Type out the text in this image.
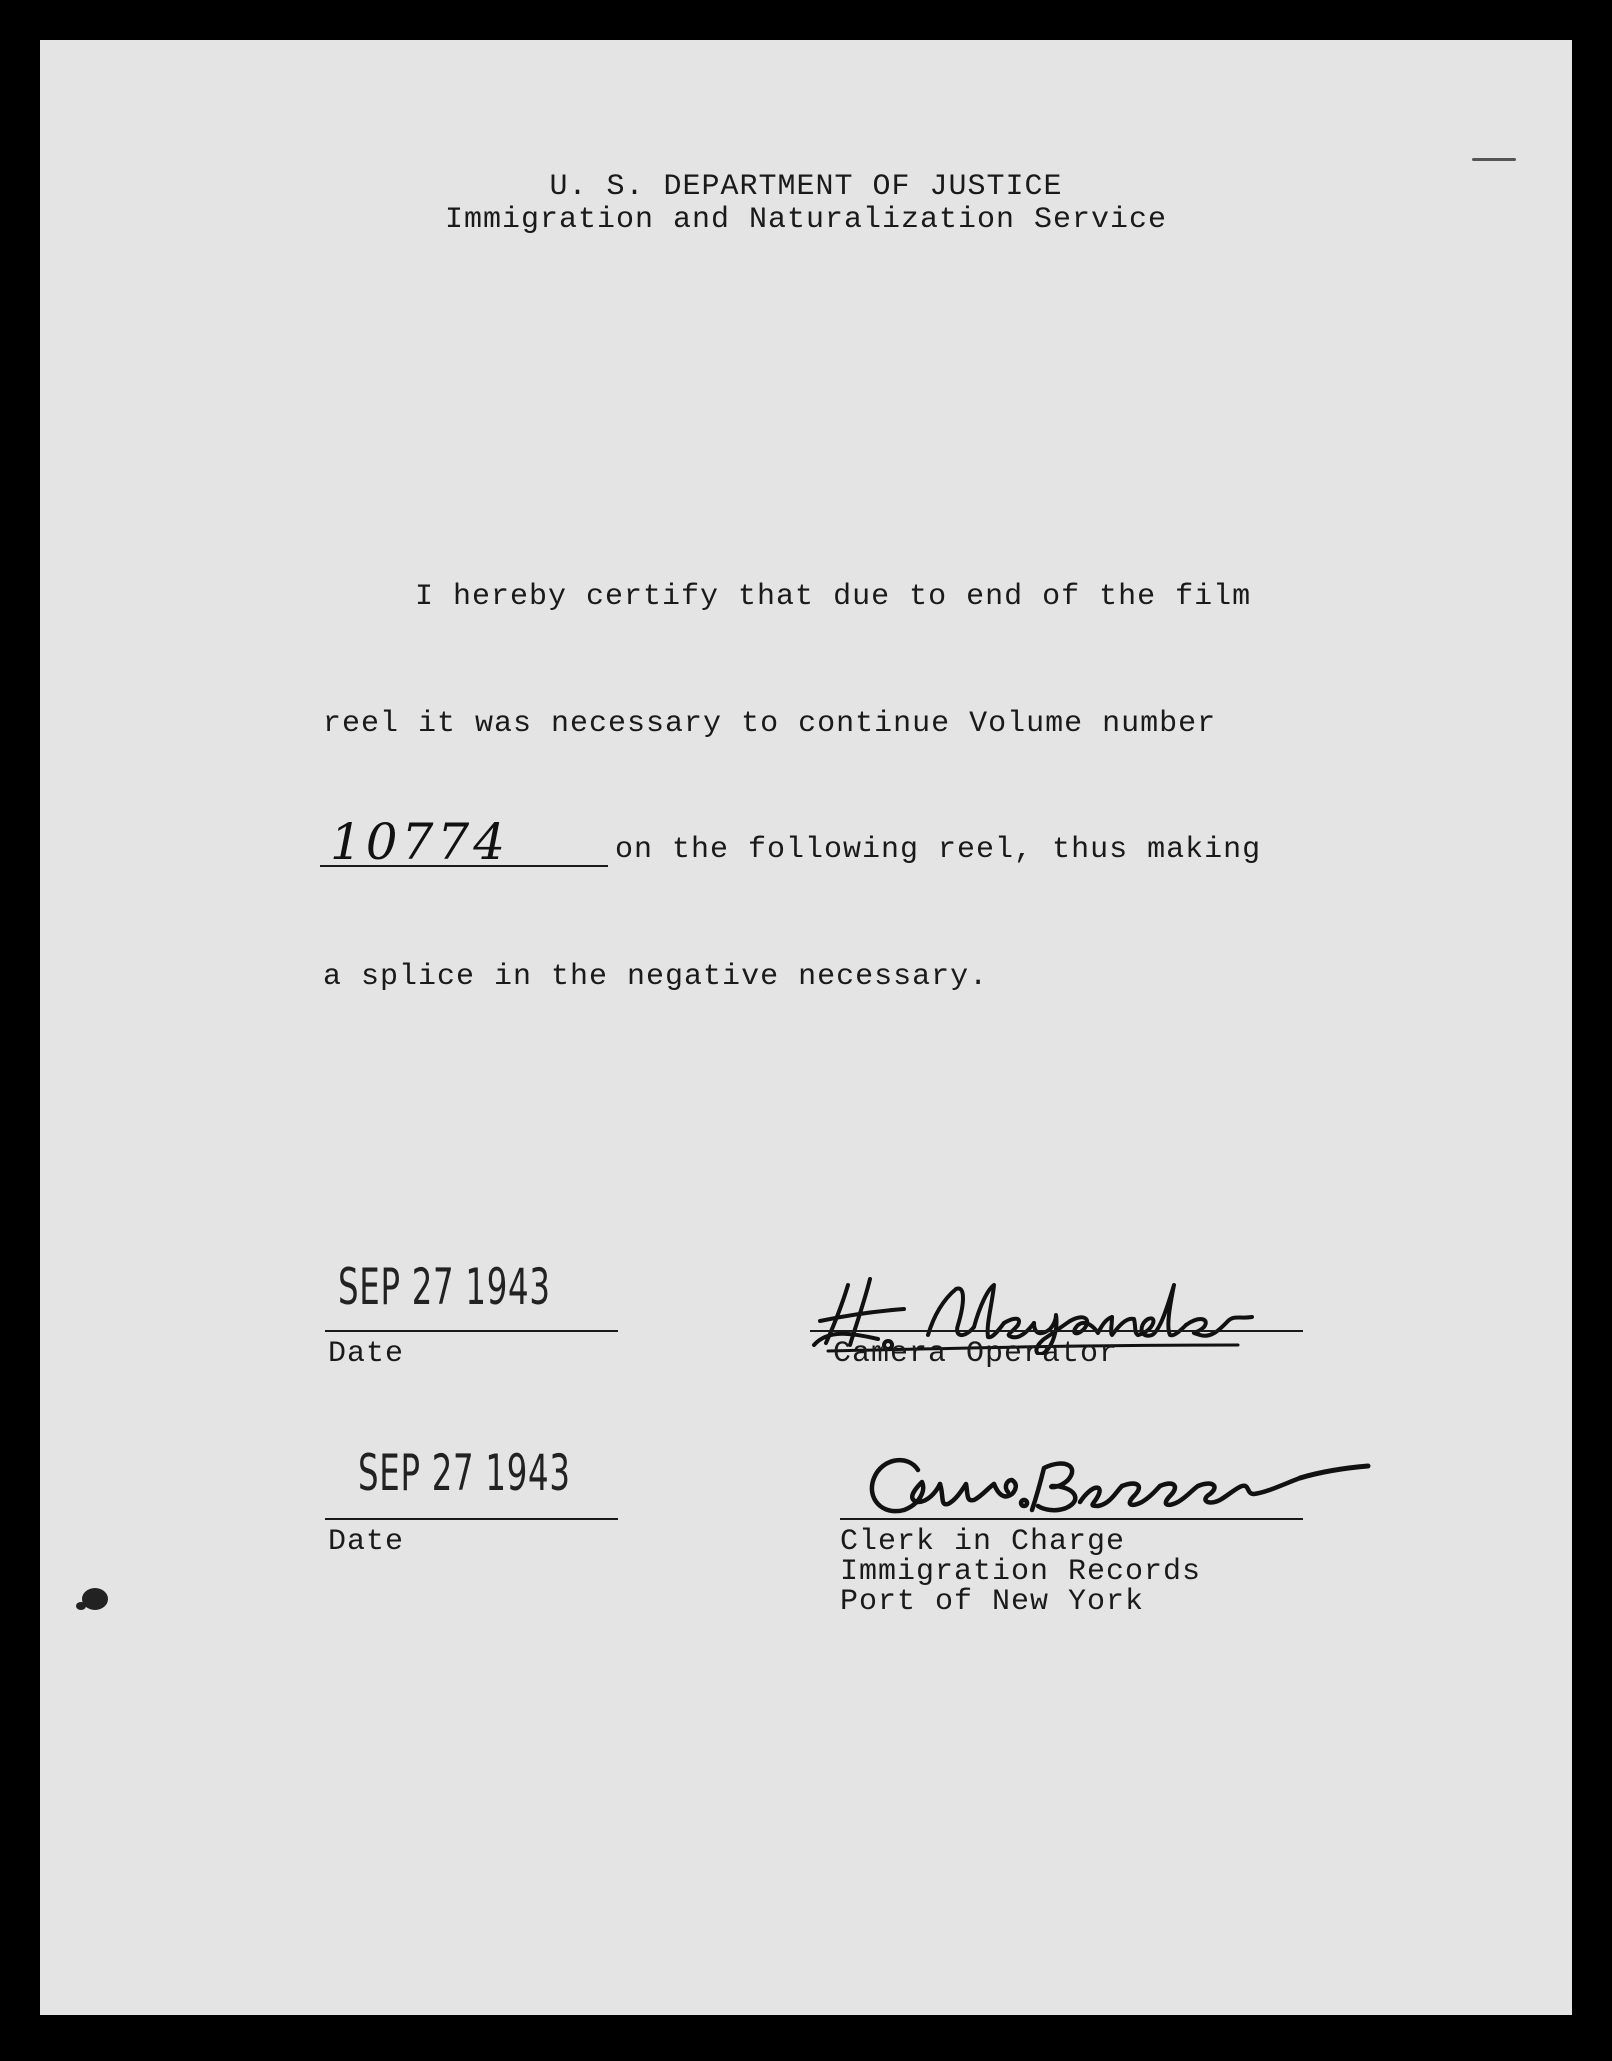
U. S. DEPARTMENT OF JUSTICE
Immigration and Naturalization Service
I hereby certify that due to end of the film
reel it was necessary to continue Volume number
10774	on the following reel, thus making
a splice in the negative necessary.
SEP 27 1943
Date	Camera Operator
SEP 27 1943
Date	Clerk in Charge
Immigration Records
Port of New York
